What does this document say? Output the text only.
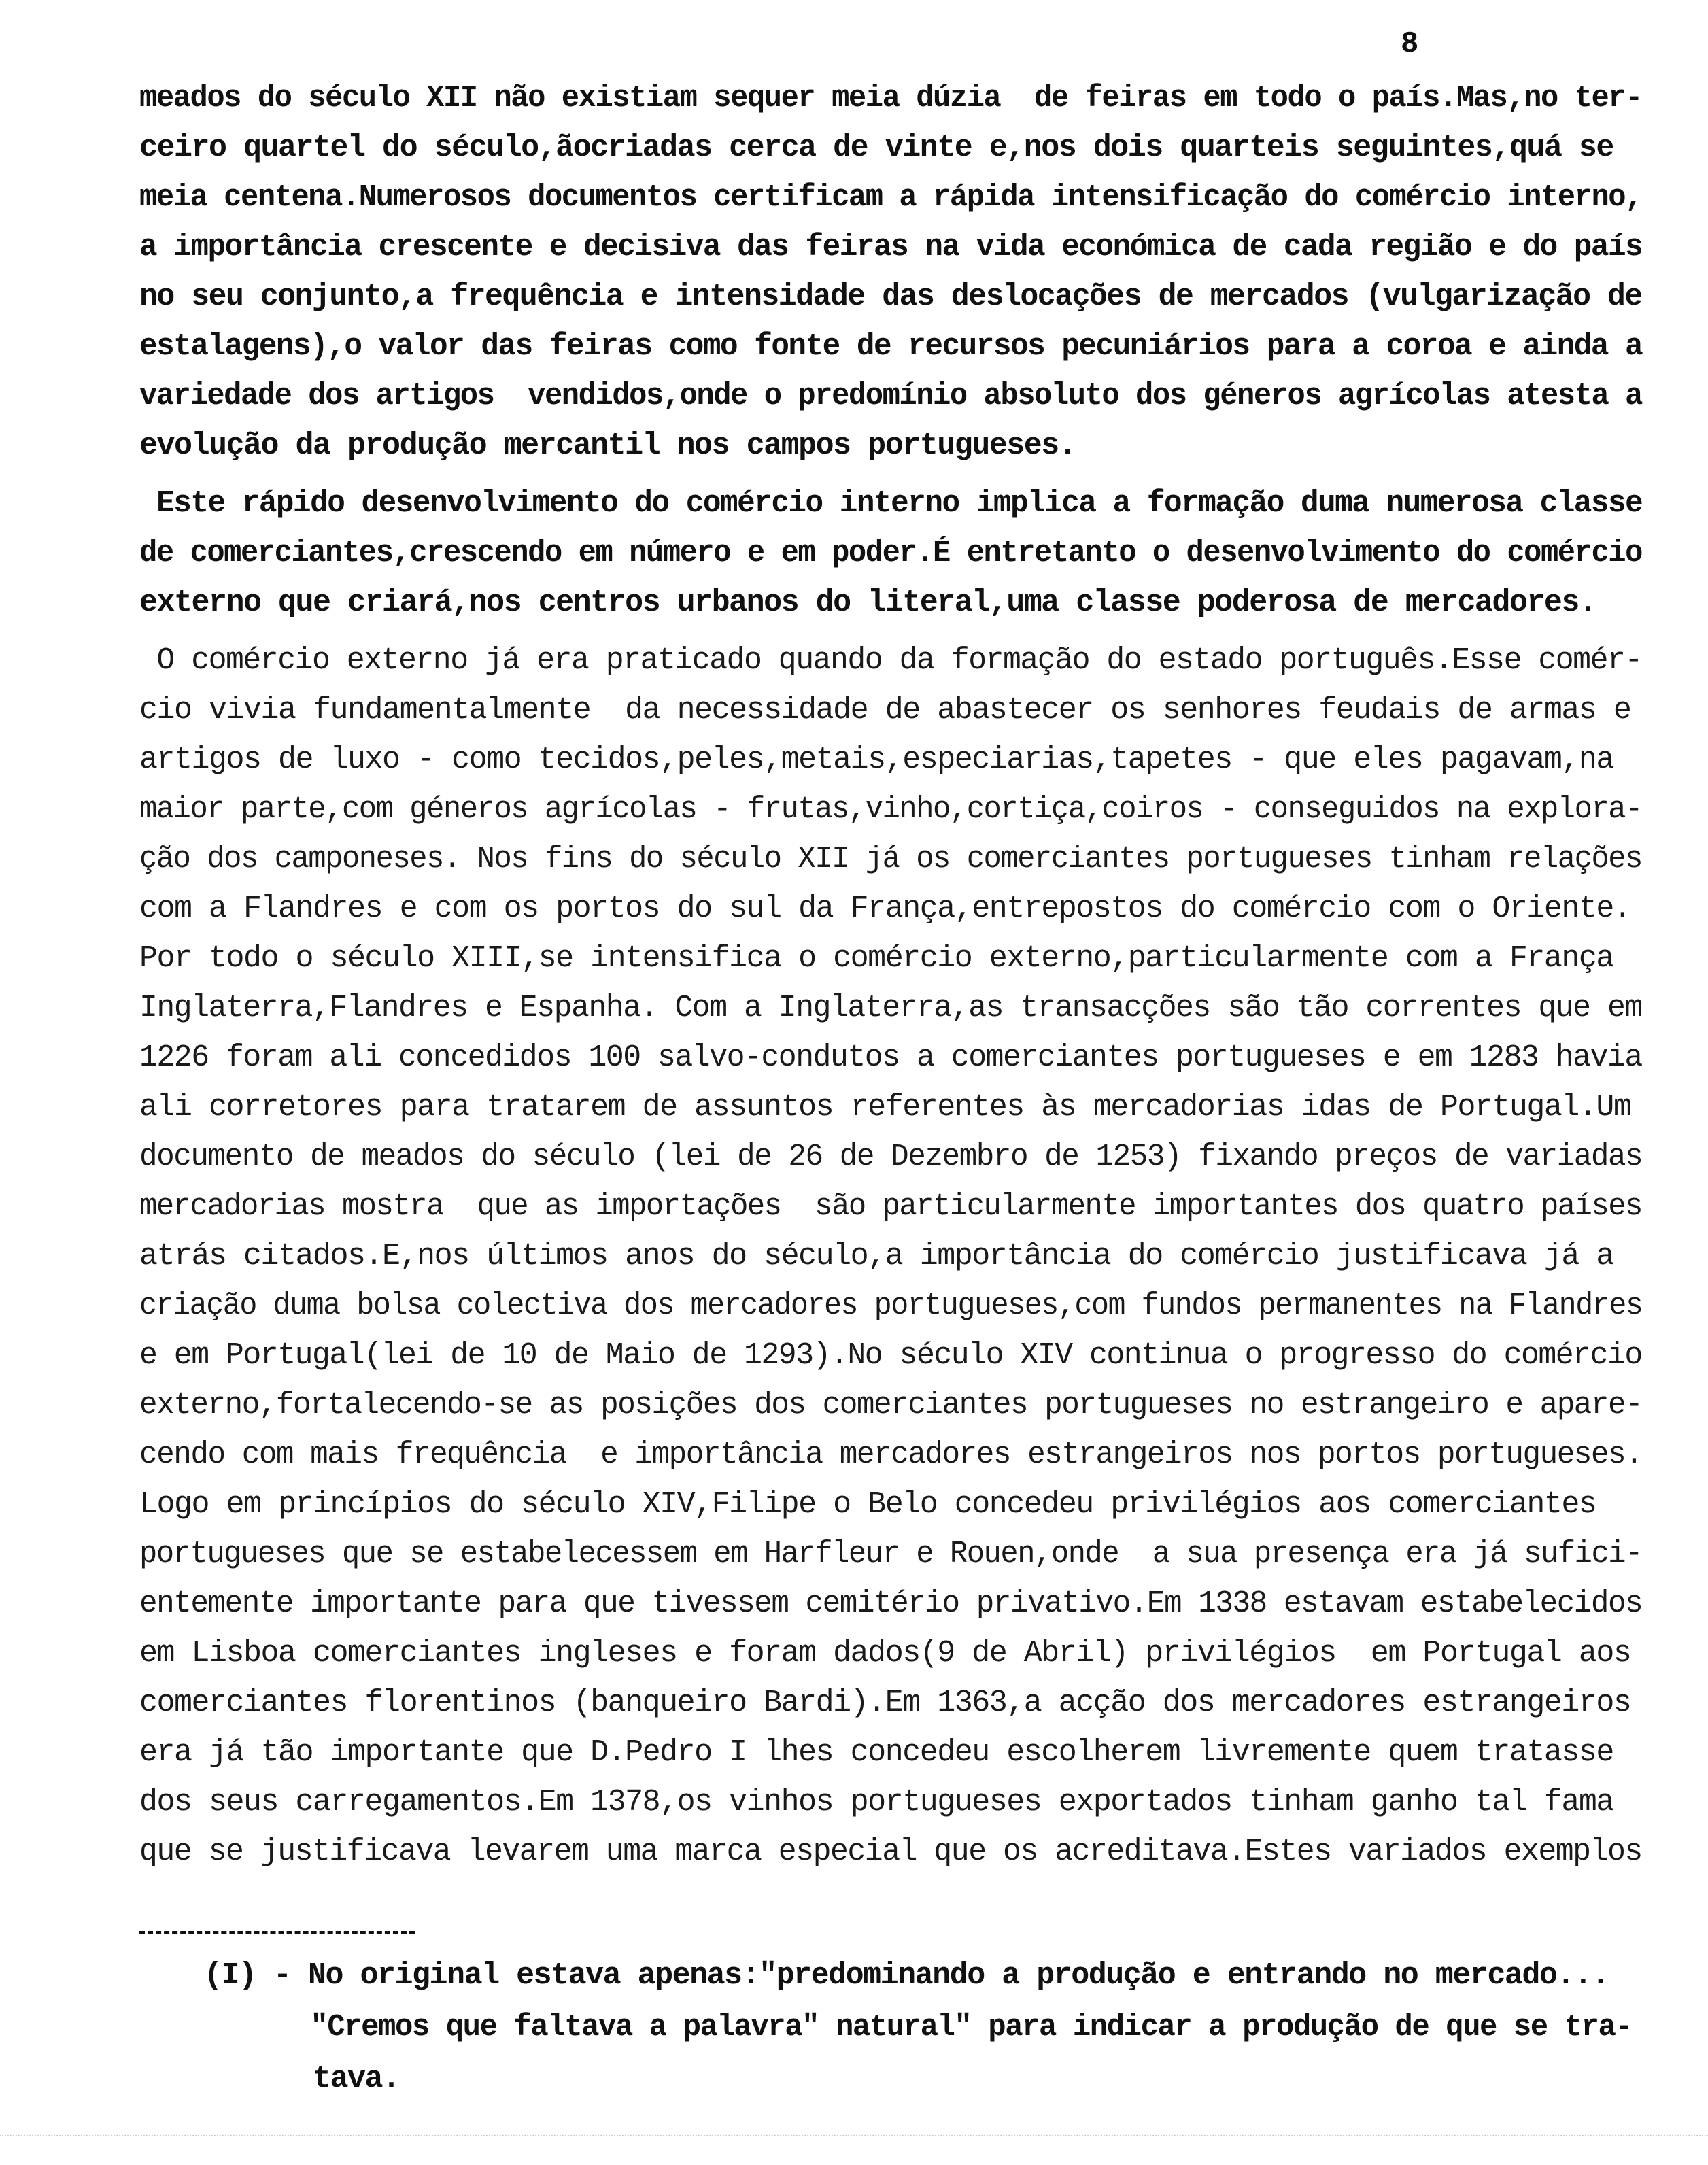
8
meados do século XII não existiam sequer meia dúzia  de feiras em todo o país.Mas,no ter-
ceiro quartel do século,ãocriadas cerca de vinte e,nos dois quarteis seguintes,quá se
meia centena.Numerosos documentos certificam a rápida intensificação do comércio interno,
a importância crescente e decisiva das feiras na vida económica de cada região e do país
no seu conjunto,a frequência e intensidade das deslocações de mercados (vulgarização de
estalagens),o valor das feiras como fonte de recursos pecuniários para a coroa e ainda a
variedade dos artigos  vendidos,onde o predomínio absoluto dos géneros agrícolas atesta a
evolução da produção mercantil nos campos portugueses.
Este rápido desenvolvimento do comércio interno implica a formação duma numerosa classe
de comerciantes,crescendo em número e em poder.É entretanto o desenvolvimento do comércio
externo que criará,nos centros urbanos do literal,uma classe poderosa de mercadores.
O comércio externo já era praticado quando da formação do estado português.Esse comér-
cio vivia fundamentalmente  da necessidade de abastecer os senhores feudais de armas e
artigos de luxo - como tecidos,peles,metais,especiarias,tapetes - que eles pagavam,na
maior parte,com géneros agrícolas - frutas,vinho,cortiça,coiros - conseguidos na explora-
ção dos camponeses. Nos fins do século XII já os comerciantes portugueses tinham relações
com a Flandres e com os portos do sul da França,entrepostos do comércio com o Oriente.
Por todo o século XIII,se intensifica o comércio externo,particularmente com a França
Inglaterra,Flandres e Espanha. Com a Inglaterra,as transacções são tão correntes que em
1226 foram ali concedidos 100 salvo-condutos a comerciantes portugueses e em 1283 havia
ali corretores para tratarem de assuntos referentes às mercadorias idas de Portugal.Um
documento de meados do século (lei de 26 de Dezembro de 1253) fixando preços de variadas
mercadorias mostra  que as importações  são particularmente importantes dos quatro países
atrás citados.E,nos últimos anos do século,a importância do comércio justificava já a
criação duma bolsa colectiva dos mercadores portugueses,com fundos permanentes na Flandres
e em Portugal(lei de 10 de Maio de 1293).No século XIV continua o progresso do comércio
externo,fortalecendo-se as posições dos comerciantes portugueses no estrangeiro e apare-
cendo com mais frequência  e importância mercadores estrangeiros nos portos portugueses.
Logo em princípios do século XIV,Filipe o Belo concedeu privilégios aos comerciantes
portugueses que se estabelecessem em Harfleur e Rouen,onde  a sua presença era já sufici-
entemente importante para que tivessem cemitério privativo.Em 1338 estavam estabelecidos
em Lisboa comerciantes ingleses e foram dados(9 de Abril) privilégios  em Portugal aos
comerciantes florentinos (banqueiro Bardi).Em 1363,a acção dos mercadores estrangeiros
era já tão importante que D.Pedro I lhes concedeu escolherem livremente quem tratasse
dos seus carregamentos.Em 1378,os vinhos portugueses exportados tinham ganho tal fama
que se justificava levarem uma marca especial que os acreditava.Estes variados exemplos
(I) - No original estava apenas:"predominando a produção e entrando no mercado...
"Cremos que faltava a palavra" natural" para indicar a produção de que se tra-
tava.
